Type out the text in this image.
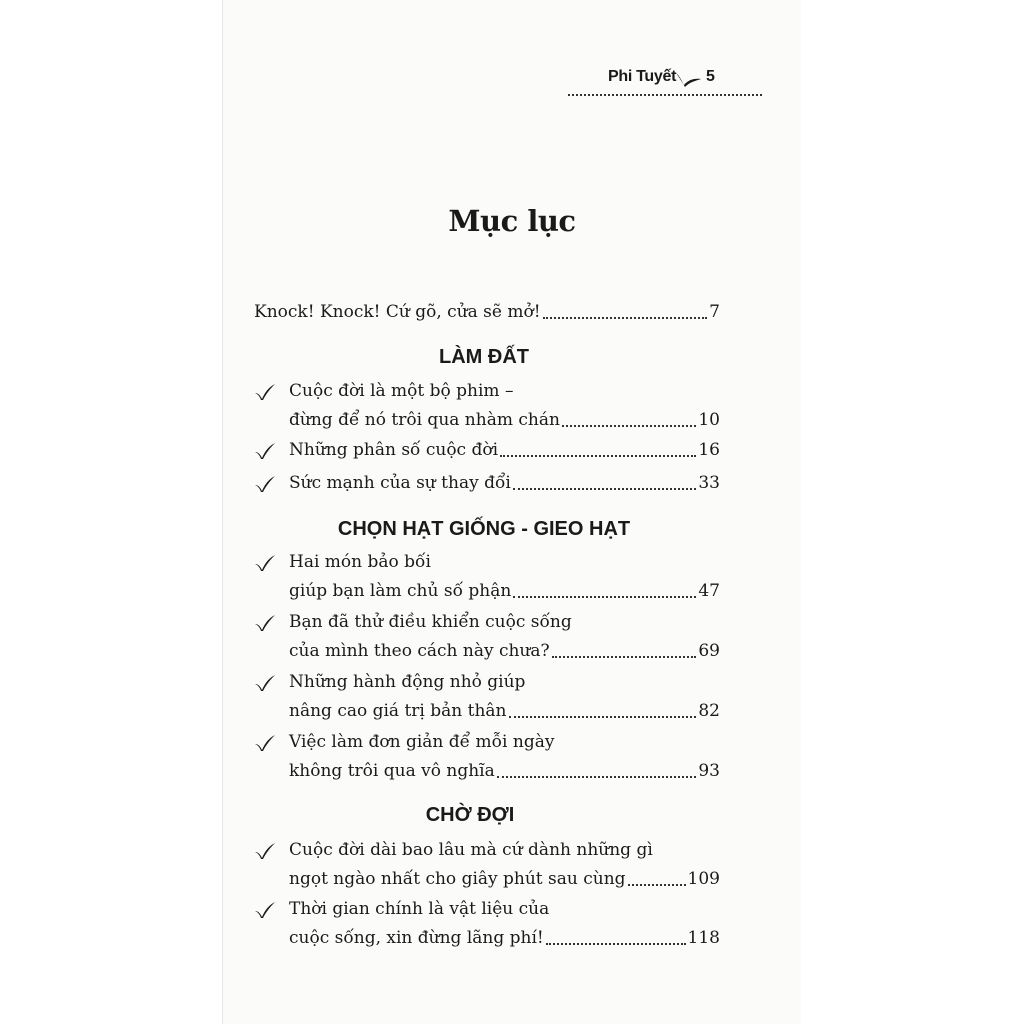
Phi Tuyết 5
Mục lục
Knock! Knock! Cứ gõ, cửa sẽ mở!	7
LÀM ĐẤT
Cuộc đời là một bộ phim –
đừng để nó trôi qua nhàm chán	10
Những phân số cuộc đời	16
Sức mạnh của sự thay đổi	33
CHỌN HẠT GIỐNG - GIEO HẠT
Hai món bảo bối
giúp bạn làm chủ số phận	47
Bạn đã thử điều khiển cuộc sống
của mình theo cách này chưa?	69
Những hành động nhỏ giúp
nâng cao giá trị bản thân	82
Việc làm đơn giản để mỗi ngày
không trôi qua vô nghĩa	93
CHỜ ĐỢI
Cuộc đời dài bao lâu mà cứ dành những gì
ngọt ngào nhất cho giây phút sau cùng	109
Thời gian chính là vật liệu của
cuộc sống, xin đừng lãng phí!	118
